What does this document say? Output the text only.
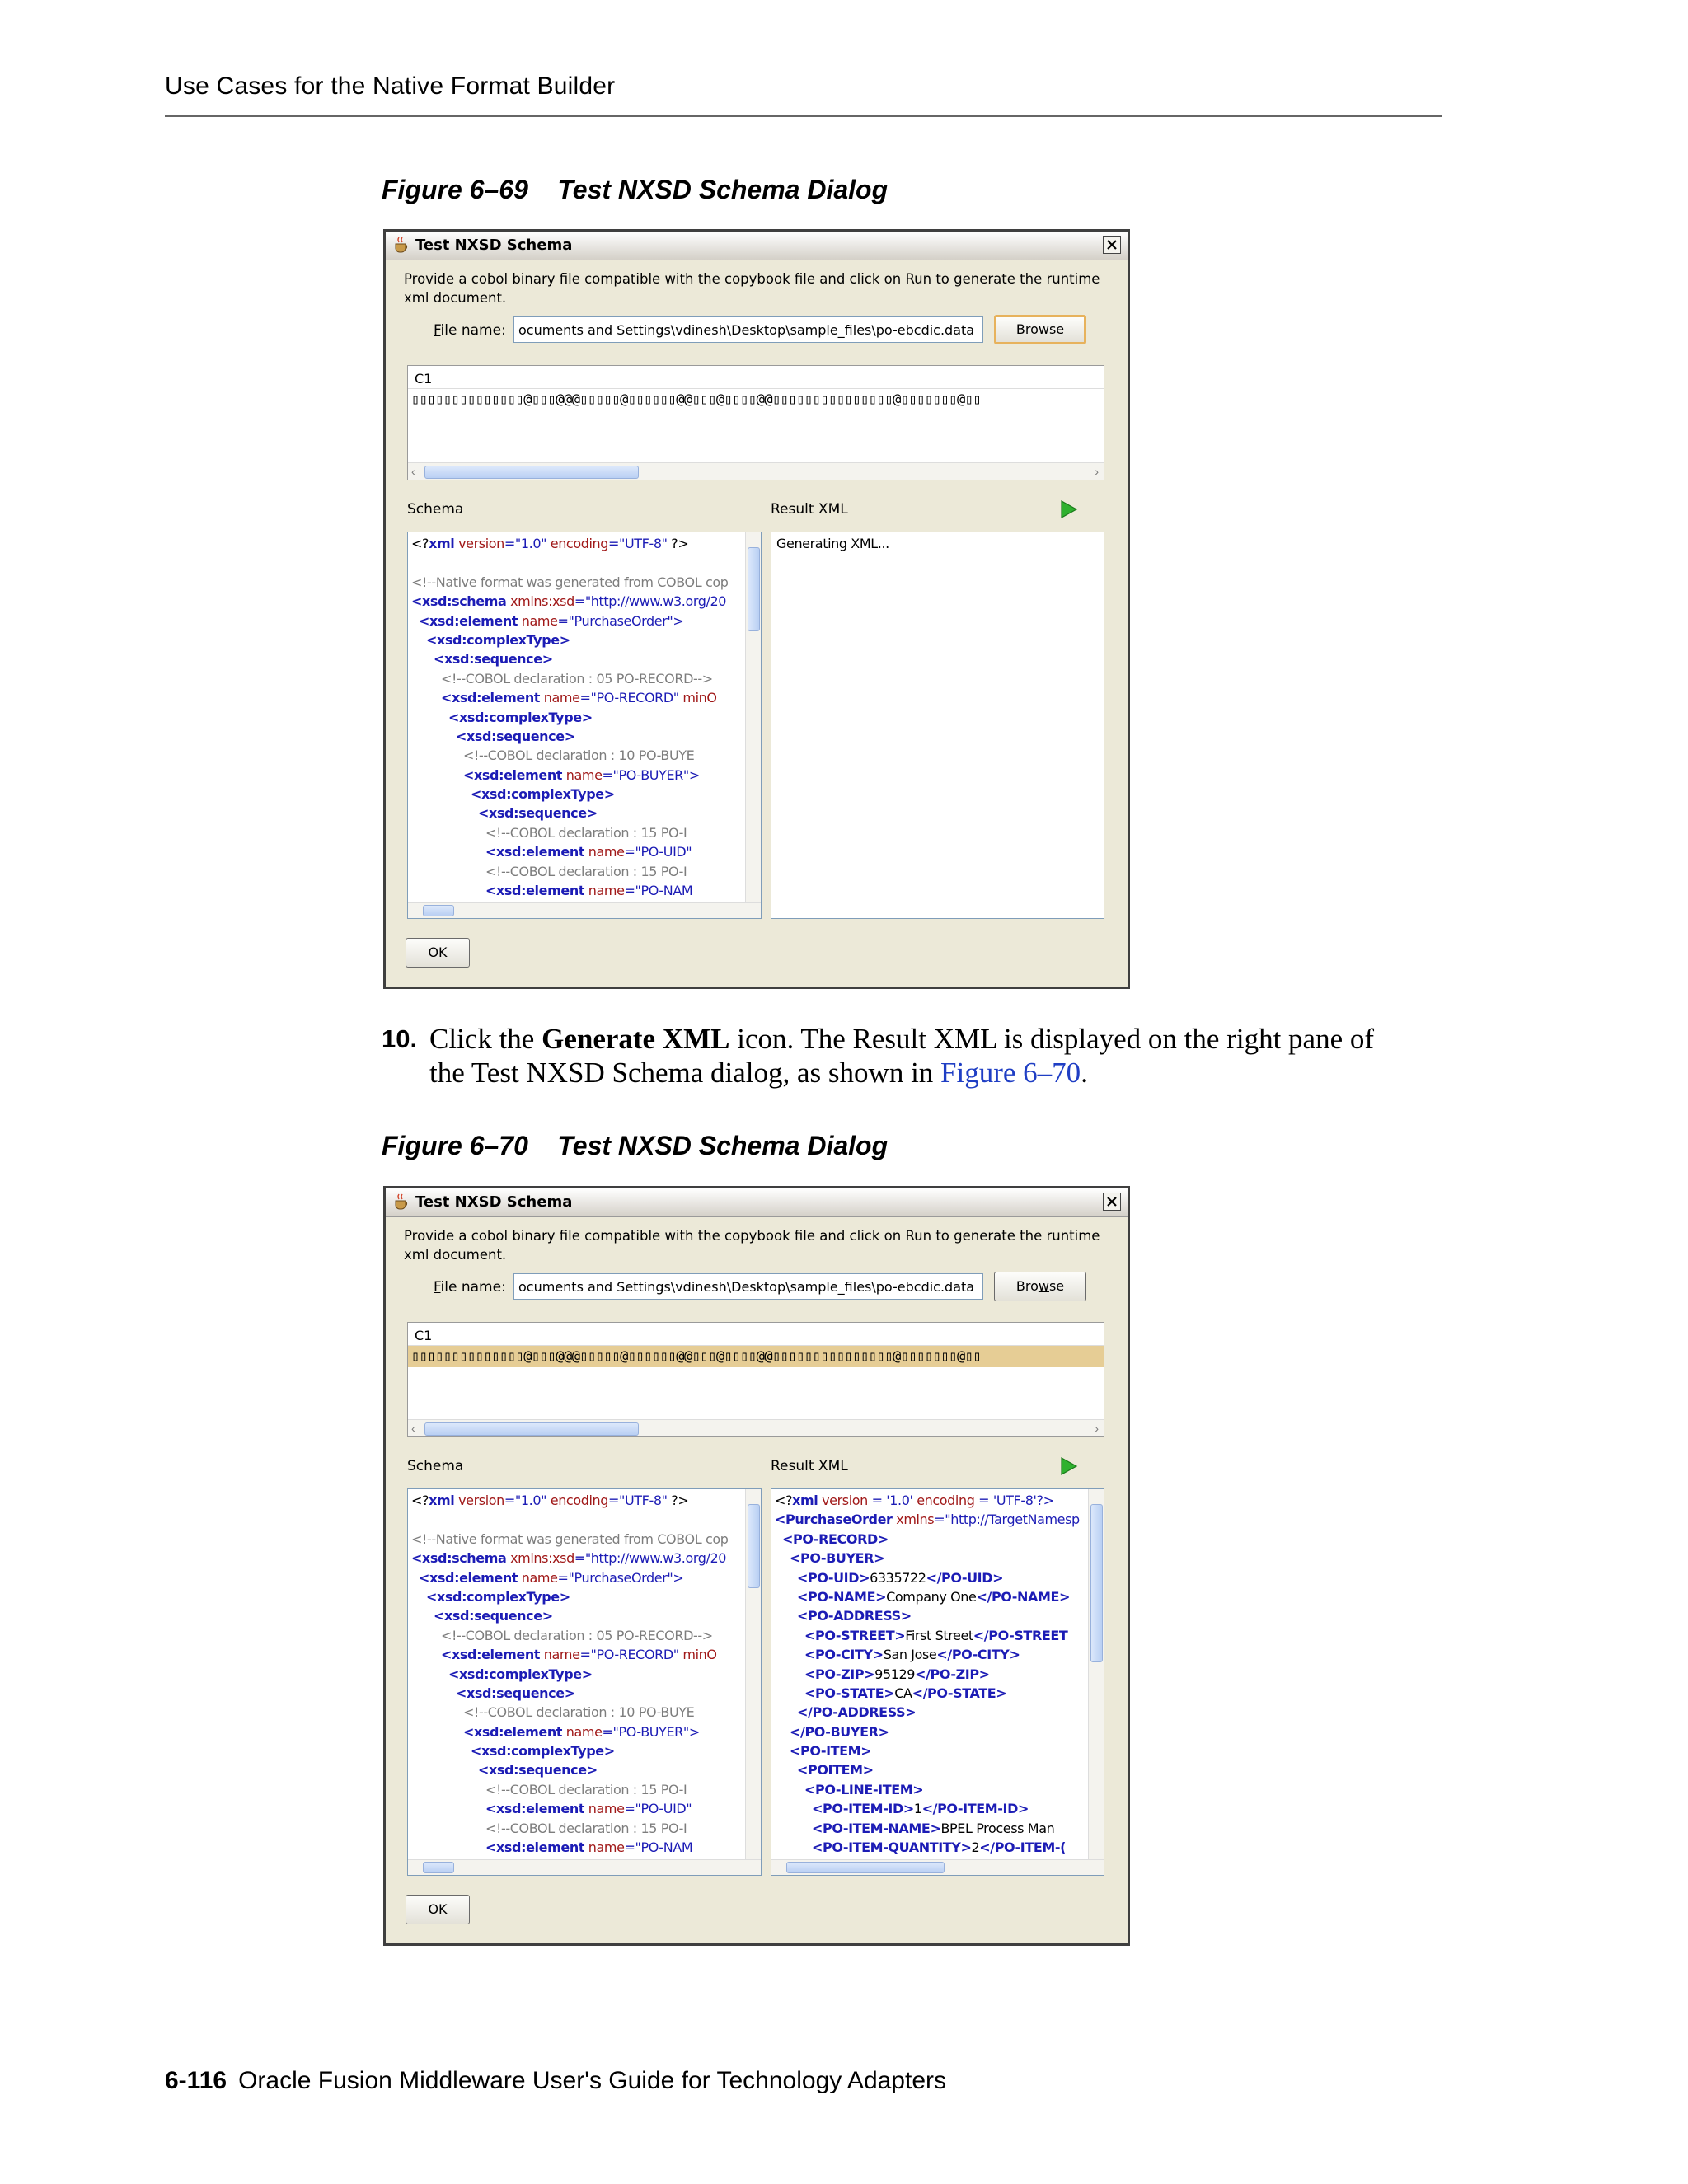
Use Cases for the Native Format Builder
Figure 6–69    Test NXSD Schema Dialog
Test NXSD Schema
Provide a cobol binary file compatible with the copybook file and click on Run to generate the runtime xml document.
File name: ocuments and Settings\vdinesh\Desktop\sample_files\po-ebcdic.data	Browse
C1
▯▯▯▯▯▯▯▯▯▯▯▯▯▯@▯▯▯@@@▯▯▯▯▯@▯▯▯▯▯▯@@▯▯▯@▯▯▯▯@@▯▯▯▯▯▯▯▯▯▯▯▯▯▯▯@▯▯▯▯▯▯▯@▯▯
‹	›
Schema	Result XML
<?xml version="1.0" encoding="UTF-8" ?>
<!--Native format was generated from COBOL cop
<xsd:schema xmlns:xsd="http://www.w3.org/20
<xsd:element name="PurchaseOrder">
<xsd:complexType>
<xsd:sequence>
<!--COBOL declaration : 05 PO-RECORD-->
<xsd:element name="PO-RECORD" minO
<xsd:complexType>
<xsd:sequence>
<!--COBOL declaration : 10 PO-BUYE
<xsd:element name="PO-BUYER">
<xsd:complexType>
<xsd:sequence>
<!--COBOL declaration : 15 PO-I
<xsd:element name="PO-UID"
<!--COBOL declaration : 15 PO-I
<xsd:element name="PO-NAM
Generating XML...
OK
10. Click the Generate XML icon. The Result XML is displayed on the right pane of the Test NXSD Schema dialog, as shown in Figure 6–70.
Figure 6–70    Test NXSD Schema Dialog
Test NXSD Schema
Provide a cobol binary file compatible with the copybook file and click on Run to generate the runtime xml document.
File name: ocuments and Settings\vdinesh\Desktop\sample_files\po-ebcdic.data	Browse
C1
▯▯▯▯▯▯▯▯▯▯▯▯▯▯@▯▯▯@@@▯▯▯▯▯@▯▯▯▯▯▯@@▯▯▯@▯▯▯▯@@▯▯▯▯▯▯▯▯▯▯▯▯▯▯▯@▯▯▯▯▯▯▯@▯▯
‹	›
Schema	Result XML
<?xml version="1.0" encoding="UTF-8" ?>
<!--Native format was generated from COBOL cop
<xsd:schema xmlns:xsd="http://www.w3.org/20
<xsd:element name="PurchaseOrder">
<xsd:complexType>
<xsd:sequence>
<!--COBOL declaration : 05 PO-RECORD-->
<xsd:element name="PO-RECORD" minO
<xsd:complexType>
<xsd:sequence>
<!--COBOL declaration : 10 PO-BUYE
<xsd:element name="PO-BUYER">
<xsd:complexType>
<xsd:sequence>
<!--COBOL declaration : 15 PO-I
<xsd:element name="PO-UID"
<!--COBOL declaration : 15 PO-I
<xsd:element name="PO-NAM
<?xml version = '1.0' encoding = 'UTF-8'?>
<PurchaseOrder xmlns="http://TargetNamesp
<PO-RECORD>
<PO-BUYER>
<PO-UID>6335722</PO-UID>
<PO-NAME>Company One</PO-NAME>
<PO-ADDRESS>
<PO-STREET>First Street</PO-STREET
<PO-CITY>San Jose</PO-CITY>
<PO-ZIP>95129</PO-ZIP>
<PO-STATE>CA</PO-STATE>
</PO-ADDRESS>
</PO-BUYER>
<PO-ITEM>
<POITEM>
<PO-LINE-ITEM>
<PO-ITEM-ID>1</PO-ITEM-ID>
<PO-ITEM-NAME>BPEL Process Man
<PO-ITEM-QUANTITY>2</PO-ITEM-(
OK
6-116 Oracle Fusion Middleware User's Guide for Technology Adapters
